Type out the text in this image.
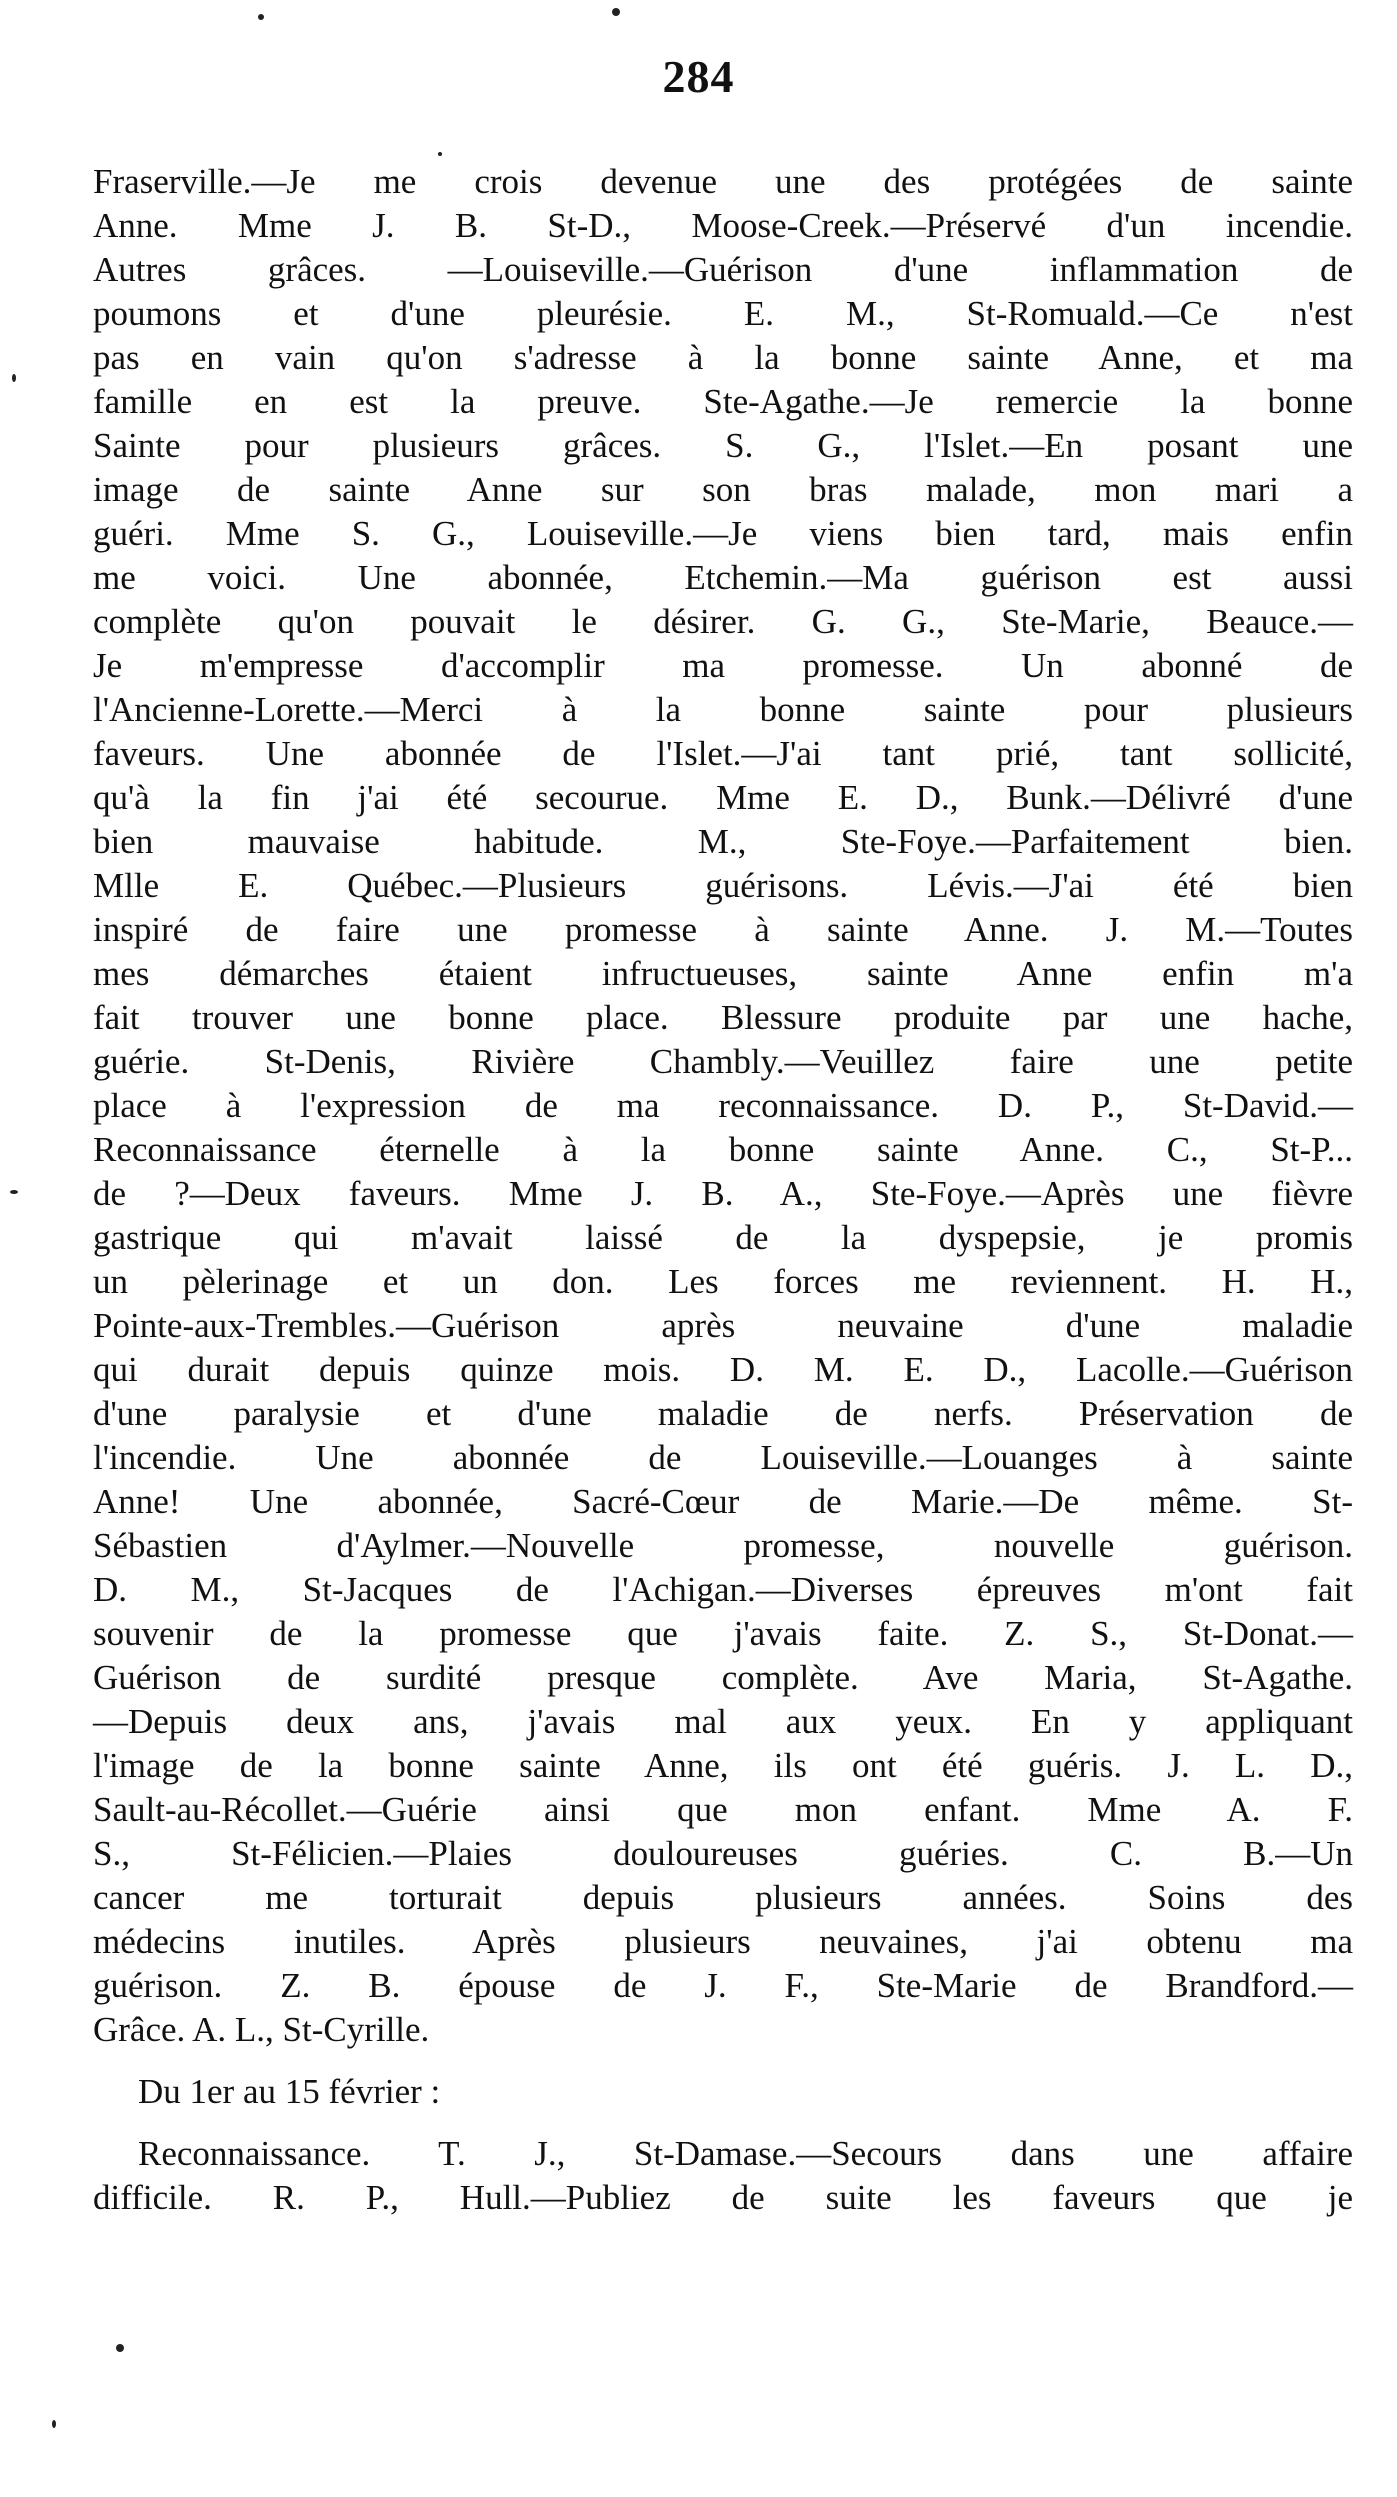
284
Fraserville.—Je me crois devenue une des protégées de sainte
Anne. Mme J. B. St-D., Moose-Creek.—Préservé d'un incendie.
Autres grâces. —Louiseville.—Guérison d'une inflammation de
poumons et d'une pleurésie. E. M., St-Romuald.—Ce n'est
pas en vain qu'on s'adresse à la bonne sainte Anne, et ma
famille en est la preuve. Ste-Agathe.—Je remercie la bonne
Sainte pour plusieurs grâces. S. G., l'Islet.—En posant une
image de sainte Anne sur son bras malade, mon mari a
guéri. Mme S. G., Louiseville.—Je viens bien tard, mais enfin
me voici. Une abonnée, Etchemin.—Ma guérison est aussi
complète qu'on pouvait le désirer. G. G., Ste-Marie, Beauce.—
Je m'empresse d'accomplir ma promesse. Un abonné de
l'Ancienne-Lorette.—Merci à la bonne sainte pour plusieurs
faveurs. Une abonnée de l'Islet.—J'ai tant prié, tant sollicité,
qu'à la fin j'ai été secourue. Mme E. D., Bunk.—Délivré d'une
bien mauvaise habitude. M., Ste-Foye.—Parfaitement bien.
Mlle E. Québec.—Plusieurs guérisons. Lévis.—J'ai été bien
inspiré de faire une promesse à sainte Anne. J. M.—Toutes
mes démarches étaient infructueuses, sainte Anne enfin m'a
fait trouver une bonne place. Blessure produite par une hache,
guérie. St-Denis, Rivière Chambly.—Veuillez faire une petite
place à l'expression de ma reconnaissance. D. P., St-David.—
Reconnaissance éternelle à la bonne sainte Anne. C., St-P...
de ?—Deux faveurs. Mme J. B. A., Ste-Foye.—Après une fièvre
gastrique qui m'avait laissé de la dyspepsie, je promis
un pèlerinage et un don. Les forces me reviennent. H. H.,
Pointe-aux-Trembles.—Guérison après neuvaine d'une maladie
qui durait depuis quinze mois. D. M. E. D., Lacolle.—Guérison
d'une paralysie et d'une maladie de nerfs. Préservation de
l'incendie. Une abonnée de Louiseville.—Louanges à sainte
Anne! Une abonnée, Sacré-Cœur de Marie.—De même. St-
Sébastien d'Aylmer.—Nouvelle promesse, nouvelle guérison.
D. M., St-Jacques de l'Achigan.—Diverses épreuves m'ont fait
souvenir de la promesse que j'avais faite. Z. S., St-Donat.—
Guérison de surdité presque complète. Ave Maria, St-Agathe.
—Depuis deux ans, j'avais mal aux yeux. En y appliquant
l'image de la bonne sainte Anne, ils ont été guéris. J. L. D.,
Sault-au-Récollet.—Guérie ainsi que mon enfant. Mme A. F.
S., St-Félicien.—Plaies douloureuses guéries. C. B.—Un
cancer me torturait depuis plusieurs années. Soins des
médecins inutiles. Après plusieurs neuvaines, j'ai obtenu ma
guérison. Z. B. épouse de J. F., Ste-Marie de Brandford.—
Grâce. A. L., St-Cyrille.
Du 1er au 15 février :
Reconnaissance. T. J., St-Damase.—Secours dans une affaire
difficile. R. P., Hull.—Publiez de suite les faveurs que je
